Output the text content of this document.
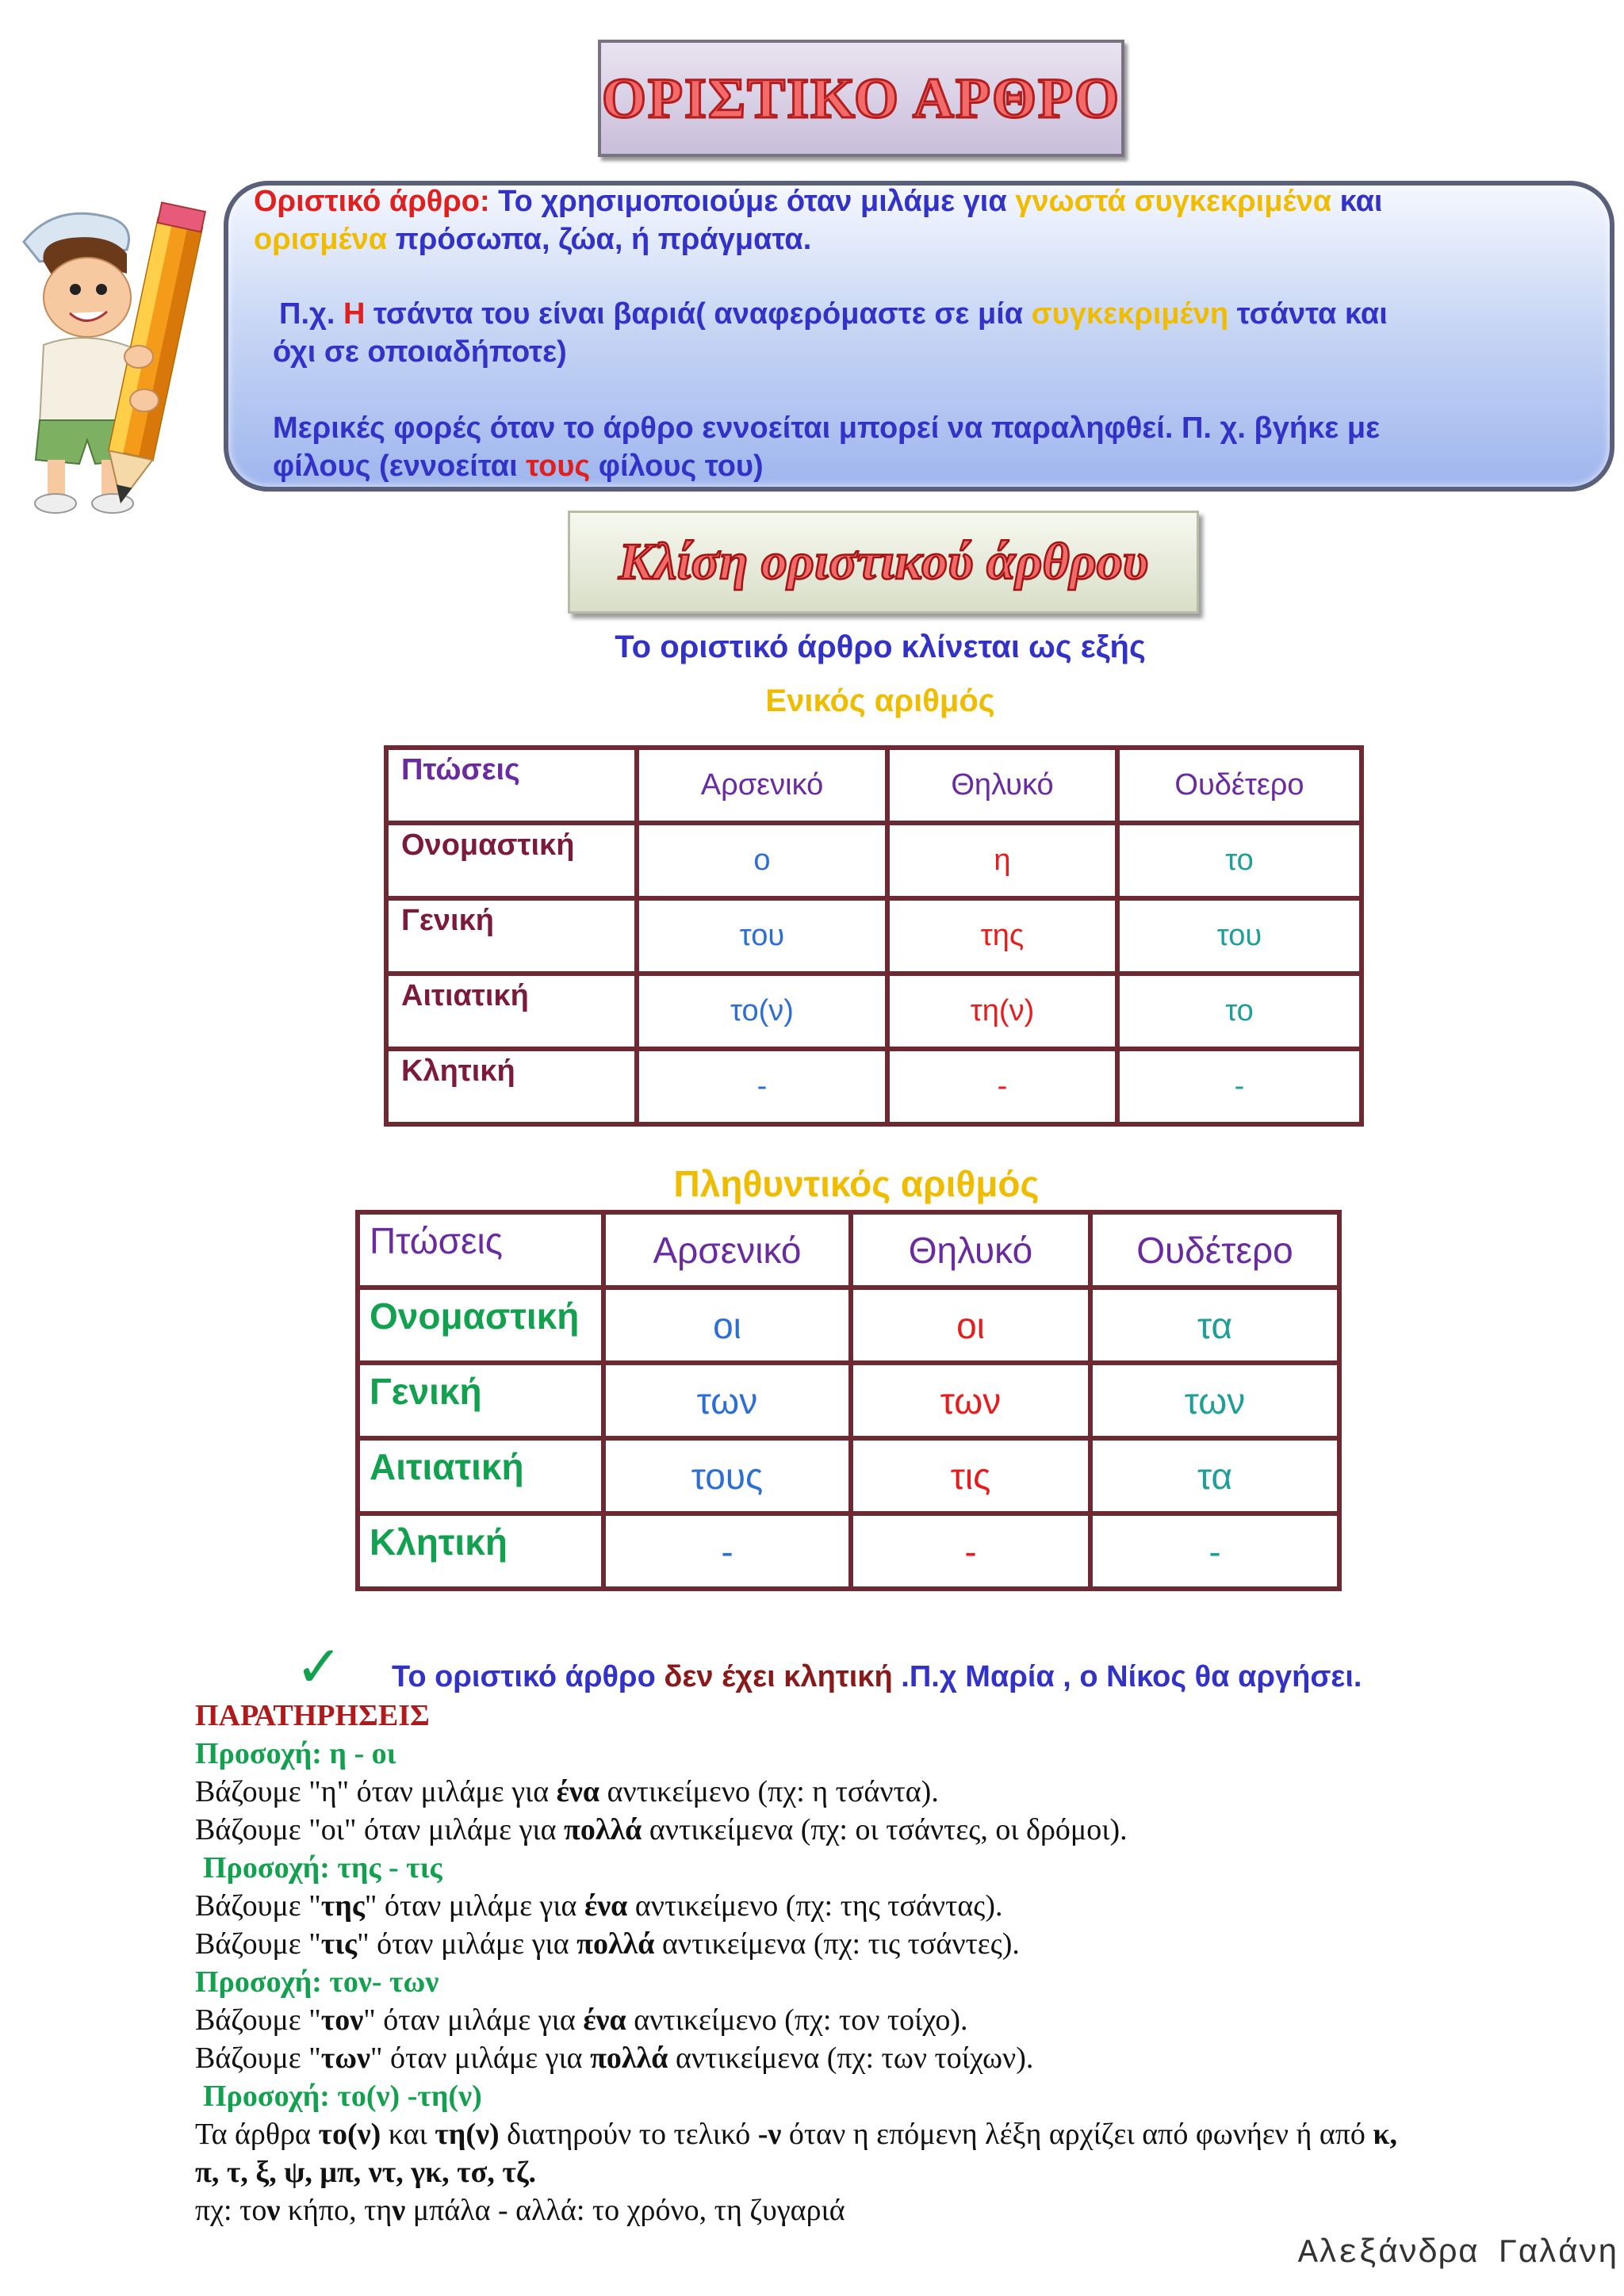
ΟΡΙΣΤΙΚΟ ΑΡΘΡΟ
Οριστικό άρθρο: Το χρησιμοποιούμε όταν μιλάμε για γνωστά συγκεκριμένα και
ορισμένα πρόσωπα, ζώα, ή πράγματα.
Π.χ. Η τσάντα του είναι βαριά( αναφερόμαστε σε μία συγκεκριμένη τσάντα και
όχι σε οποιαδήποτε)
Μερικές φορές όταν το άρθρο εννοείται μπορεί να παραληφθεί. Π. χ. βγήκε με
φίλους (εννοείται τους φίλους του)
Κλίση οριστικού άρθρου
Το οριστικό άρθρο κλίνεται ως εξής
Ενικός αριθμός
Πτώσεις	Αρσενικό	Θηλυκό	Ουδέτερο
Ονομαστική	ο	η	το
Γενική	του	της	του
Αιτιατική	το(ν)	τη(ν)	το
Κλητική	-	-	-
Πληθυντικός αριθμός
Πτώσεις	Αρσενικό	Θηλυκό	Ουδέτερο
Ονομαστική	οι	οι	τα
Γενική	των	των	των
Αιτιατική	τους	τις	τα
Κλητική	-	-	-
✓ Το οριστικό άρθρο δεν έχει κλητική .Π.χ Μαρία , ο Νίκος θα αργήσει.
ΠΑΡΑΤΗΡΗΣΕΙΣ
Προσοχή: η - οι
Βάζουμε "η" όταν μιλάμε για ένα αντικείμενο (πχ: η τσάντα).
Βάζουμε "οι" όταν μιλάμε για πολλά αντικείμενα (πχ: οι τσάντες, οι δρόμοι).
Προσοχή: της - τις
Βάζουμε "της" όταν μιλάμε για ένα αντικείμενο (πχ: της τσάντας).
Βάζουμε "τις" όταν μιλάμε για πολλά αντικείμενα (πχ: τις τσάντες).
Προσοχή: τον- των
Βάζουμε "τον" όταν μιλάμε για ένα αντικείμενο (πχ: τον τοίχο).
Βάζουμε "των" όταν μιλάμε για πολλά αντικείμενα (πχ: των τοίχων).
Προσοχή: το(ν) -τη(ν)
Τα άρθρα το(ν) και τη(ν) διατηρούν το τελικό -ν όταν η επόμενη λέξη αρχίζει από φωνήεν ή από κ,
π, τ, ξ, ψ, μπ, ντ, γκ, τσ, τζ.
πχ: τον κήπο, την μπάλα - αλλά: το χρόνο, τη ζυγαριά
Αλεξάνδρα Γαλάνη
